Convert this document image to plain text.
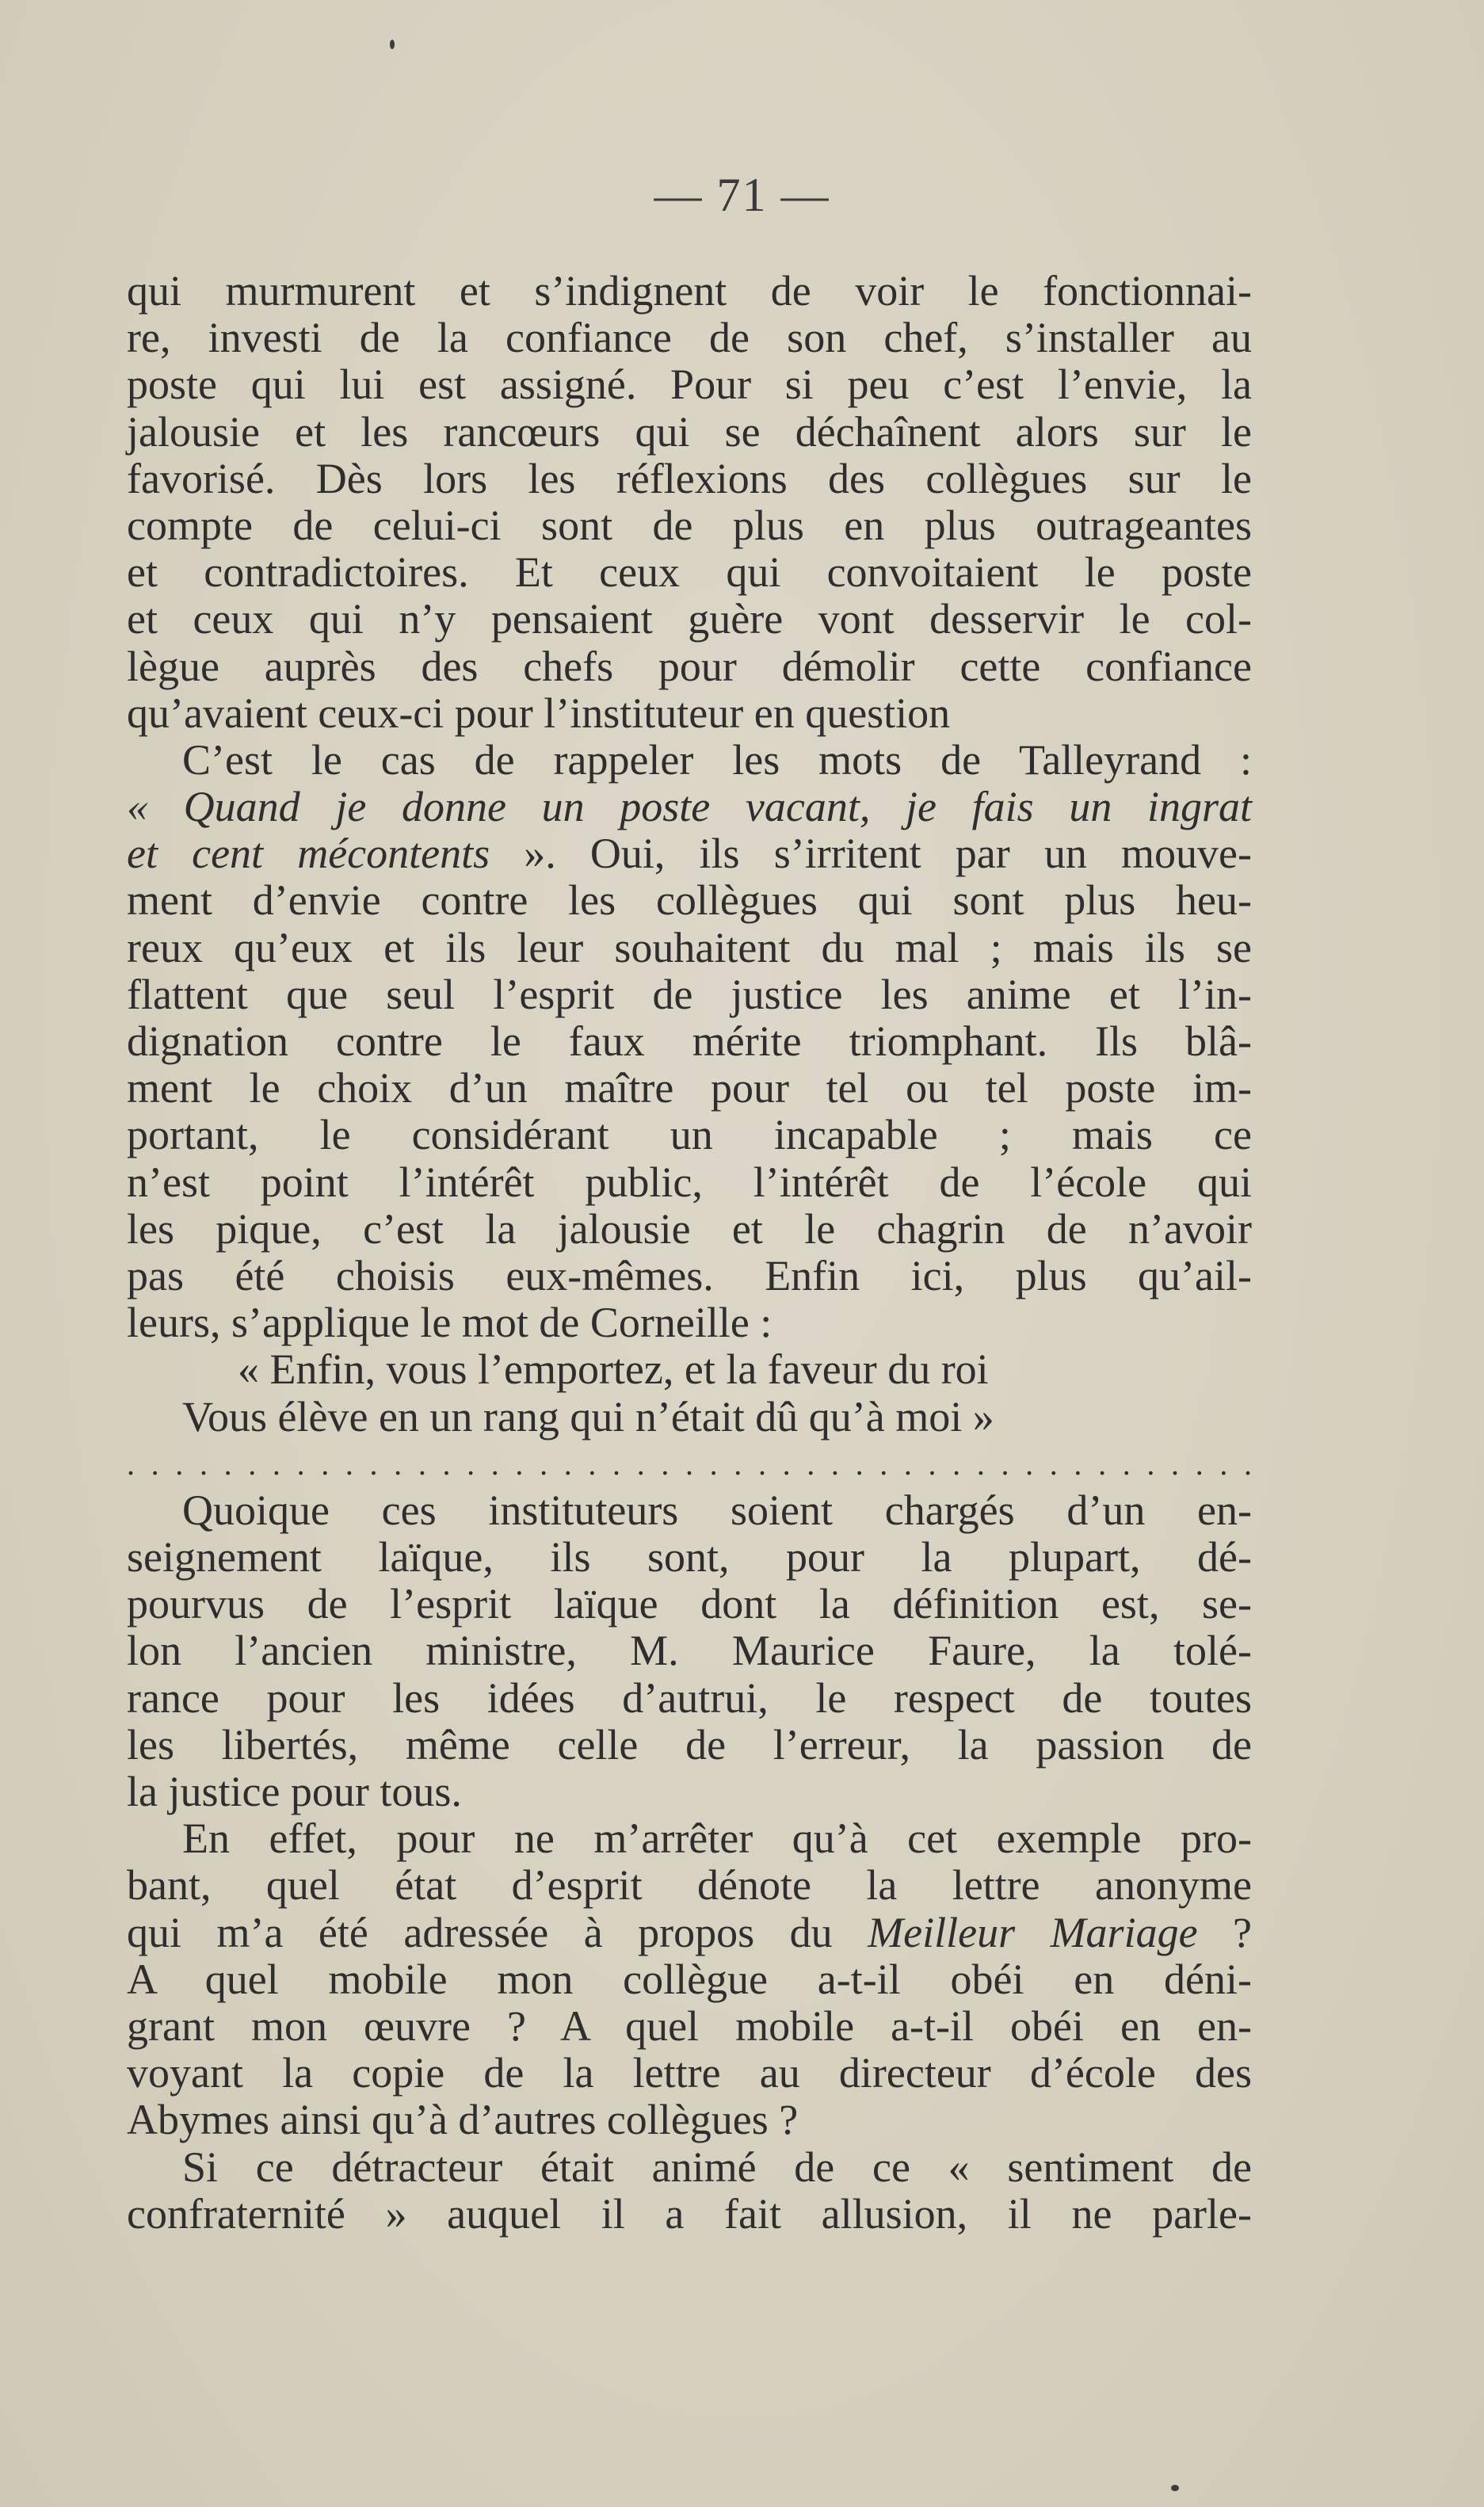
— 71 —
qui murmurent et s’indignent de voir le fonctionnai-
re, investi de la confiance de son chef, s’installer au
poste qui lui est assigné. Pour si peu c’est l’envie, la
jalousie et les rancœurs qui se déchaînent alors sur le
favorisé. Dès lors les réflexions des collègues sur le
compte de celui-ci sont de plus en plus outrageantes
et contradictoires. Et ceux qui convoitaient le poste
et ceux qui n’y pensaient guère vont desservir le col-
lègue auprès des chefs pour démolir cette confiance
qu’avaient ceux-ci pour l’instituteur en question
C’est le cas de rappeler les mots de Talleyrand :
« Quand je donne un poste vacant, je fais un ingrat
et cent mécontents ». Oui, ils s’irritent par un mouve-
ment d’envie contre les collègues qui sont plus heu-
reux qu’eux et ils leur souhaitent du mal ; mais ils se
flattent que seul l’esprit de justice les anime et l’in-
dignation contre le faux mérite triomphant. Ils blâ-
ment le choix d’un maître pour tel ou tel poste im-
portant, le considérant un incapable ; mais ce
n’est point l’intérêt public, l’intérêt de l’école qui
les pique, c’est la jalousie et le chagrin de n’avoir
pas été choisis eux-mêmes. Enfin ici, plus qu’ail-
leurs, s’applique le mot de Corneille :
« Enfin, vous l’emportez, et la faveur du roi
Vous élève en un rang qui n’était dû qu’à moi »
. . . . . . . . . . . . . . . . . . . . . . . . . . . . . . . . . . . . . . . . . . . . . . .
Quoique ces instituteurs soient chargés d’un en-
seignement laïque, ils sont, pour la plupart, dé-
pourvus de l’esprit laïque dont la définition est, se-
lon l’ancien ministre, M. Maurice Faure, la tolé-
rance pour les idées d’autrui, le respect de toutes
les libertés, même celle de l’erreur, la passion de
la justice pour tous.
En effet, pour ne m’arrêter qu’à cet exemple pro-
bant, quel état d’esprit dénote la lettre anonyme
qui m’a été adressée à propos du Meilleur Mariage ?
A quel mobile mon collègue a-t-il obéi en déni-
grant mon œuvre ? A quel mobile a-t-il obéi en en-
voyant la copie de la lettre au directeur d’école des
Abymes ainsi qu’à d’autres collègues ?
Si ce détracteur était animé de ce « sentiment de
confraternité » auquel il a fait allusion, il ne parle-
